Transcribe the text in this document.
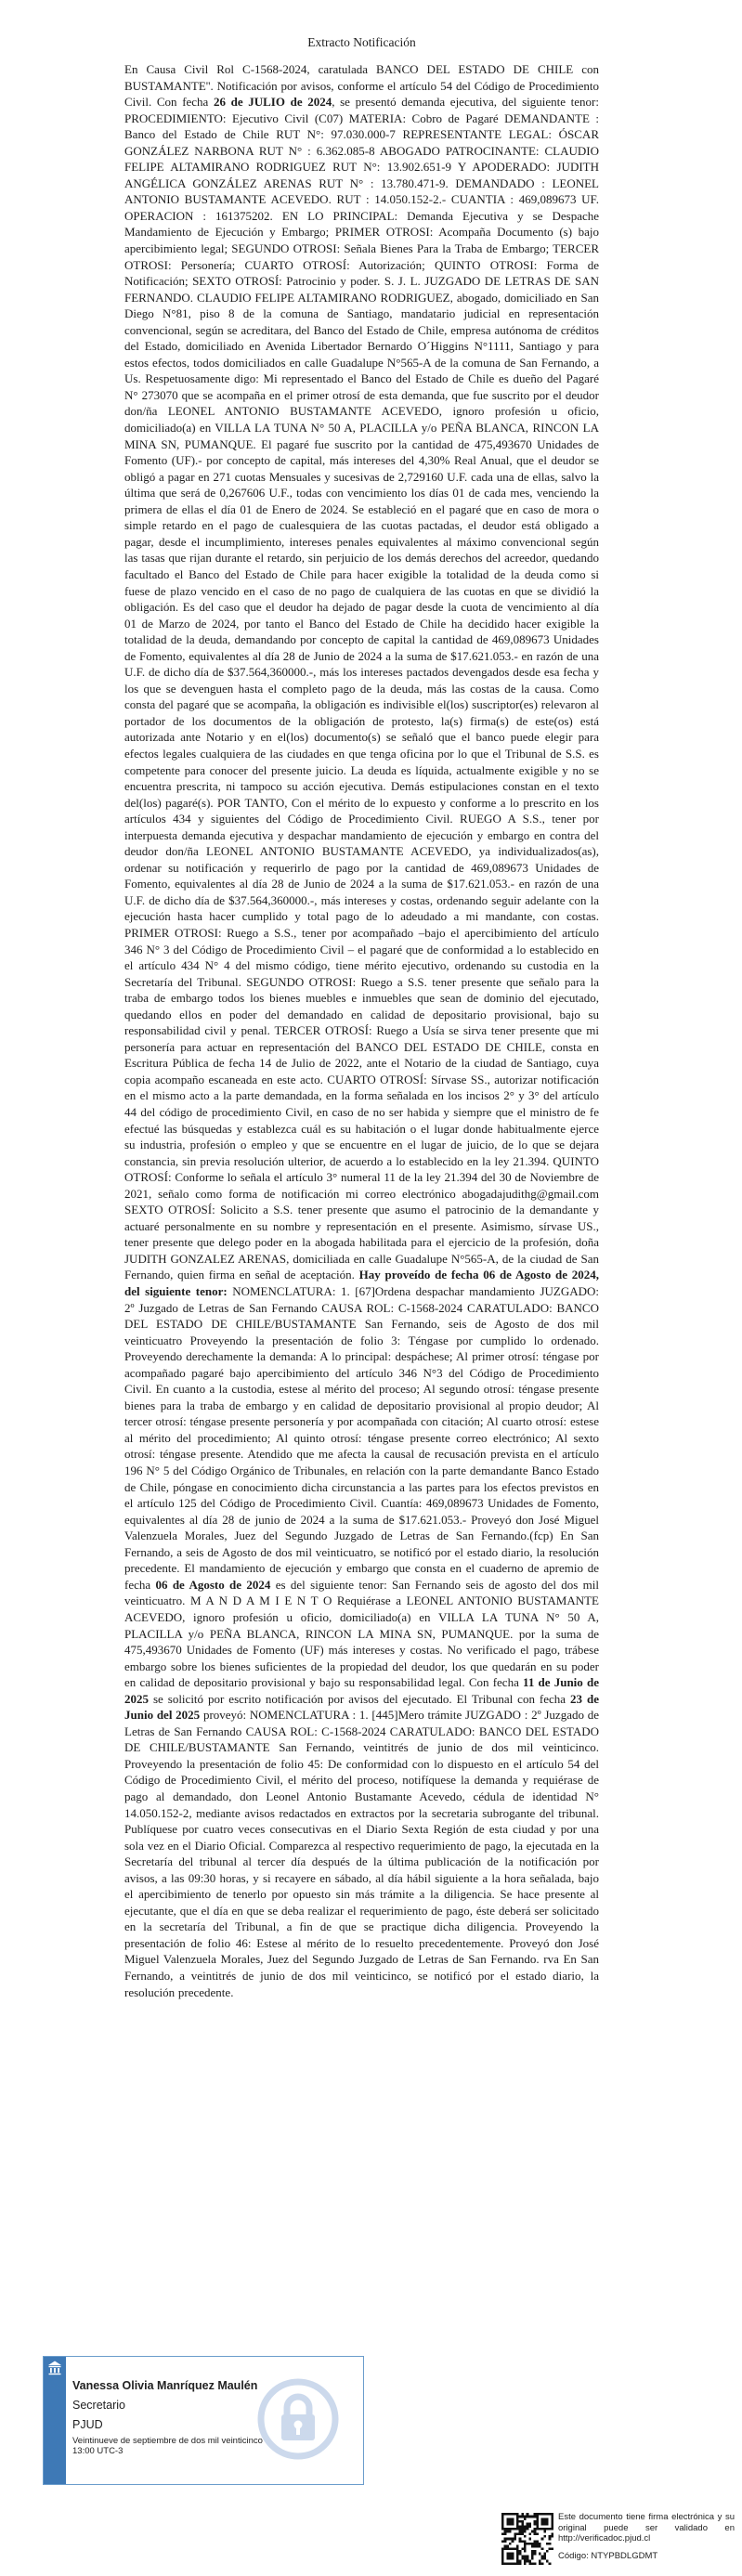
Extracto Notificación
En Causa Civil Rol C-1568-2024, caratulada BANCO DEL ESTADO DE CHILE con BUSTAMANTE''. Notificación por avisos, conforme el artículo 54 del Código de Procedimiento Civil. Con fecha 26 de JULIO de 2024, se presentó demanda ejecutiva, del siguiente tenor: PROCEDIMIENTO: Ejecutivo Civil (C07) MATERIA: Cobro de Pagaré DEMANDANTE : Banco del Estado de Chile RUT N°: 97.030.000-7 REPRESENTANTE LEGAL: ÓSCAR GONZÁLEZ NARBONA RUT N° : 6.362.085-8 ABOGADO PATROCINANTE: CLAUDIO FELIPE ALTAMIRANO RODRIGUEZ RUT N°: 13.902.651-9 Y APODERADO: JUDITH ANGÉLICA GONZÁLEZ ARENAS RUT N° : 13.780.471-9. DEMANDADO : LEONEL ANTONIO BUSTAMANTE ACEVEDO. RUT : 14.050.152-2.- CUANTIA : 469,089673 UF. OPERACION : 161375202. EN LO PRINCIPAL: Demanda Ejecutiva y se Despache Mandamiento de Ejecución y Embargo; PRIMER OTROSI: Acompaña Documento (s) bajo apercibimiento legal; SEGUNDO OTROSI: Señala Bienes Para la Traba de Embargo; TERCER OTROSI: Personería; CUARTO OTROSÍ: Autorización; QUINTO OTROSI: Forma de Notificación; SEXTO OTROSÍ: Patrocinio y poder. S. J. L. JUZGADO DE LETRAS DE SAN FERNANDO. CLAUDIO FELIPE ALTAMIRANO RODRIGUEZ, abogado, domiciliado en San Diego N°81, piso 8 de la comuna de Santiago, mandatario judicial en representación convencional, según se acreditara, del Banco del Estado de Chile, empresa autónoma de créditos del Estado, domiciliado en Avenida Libertador Bernardo O´Higgins N°1111, Santiago y para estos efectos, todos domiciliados en calle Guadalupe N°565-A de la comuna de San Fernando, a Us. Respetuosamente digo: Mi representado el Banco del Estado de Chile es dueño del Pagaré N° 273070 que se acompaña en el primer otrosí de esta demanda, que fue suscrito por el deudor don/ña LEONEL ANTONIO BUSTAMANTE ACEVEDO, ignoro profesión u oficio, domiciliado(a) en VILLA LA TUNA N° 50 A, PLACILLA y/o PEÑA BLANCA, RINCON LA MINA SN, PUMANQUE. El pagaré fue suscrito por la cantidad de 475,493670 Unidades de Fomento (UF).- por concepto de capital, más intereses del 4,30% Real Anual, que el deudor se obligó a pagar en 271 cuotas Mensuales y sucesivas de 2,729160 U.F. cada una de ellas, salvo la última que será de 0,267606 U.F., todas con vencimiento los días 01 de cada mes, venciendo la primera de ellas el día 01 de Enero de 2024. Se estableció en el pagaré que en caso de mora o simple retardo en el pago de cualesquiera de las cuotas pactadas, el deudor está obligado a pagar, desde el incumplimiento, intereses penales equivalentes al máximo convencional según las tasas que rijan durante el retardo, sin perjuicio de los demás derechos del acreedor, quedando facultado el Banco del Estado de Chile para hacer exigible la totalidad de la deuda como si fuese de plazo vencido en el caso de no pago de cualquiera de las cuotas en que se dividió la obligación. Es del caso que el deudor ha dejado de pagar desde la cuota de vencimiento al día 01 de Marzo de 2024, por tanto el Banco del Estado de Chile ha decidido hacer exigible la totalidad de la deuda, demandando por concepto de capital la cantidad de 469,089673 Unidades de Fomento, equivalentes al día 28 de Junio de 2024 a la suma de $17.621.053.- en razón de una U.F. de dicho día de $37.564,360000.-, más los intereses pactados devengados desde esa fecha y los que se devenguen hasta el completo pago de la deuda, más las costas de la causa. Como consta del pagaré que se acompaña, la obligación es indivisible el(los) suscriptor(es) relevaron al portador de los documentos de la obligación de protesto, la(s) firma(s) de este(os) está autorizada ante Notario y en el(los) documento(s) se señaló que el banco puede elegir para efectos legales cualquiera de las ciudades en que tenga oficina por lo que el Tribunal de S.S. es competente para conocer del presente juicio. La deuda es líquida, actualmente exigible y no se encuentra prescrita, ni tampoco su acción ejecutiva. Demás estipulaciones constan en el texto del(los) pagaré(s). POR TANTO, Con el mérito de lo expuesto y conforme a lo prescrito en los artículos 434 y siguientes del Código de Procedimiento Civil. RUEGO A S.S., tener por interpuesta demanda ejecutiva y despachar mandamiento de ejecución y embargo en contra del deudor don/ña LEONEL ANTONIO BUSTAMANTE ACEVEDO, ya individualizados(as), ordenar su notificación y requerirlo de pago por la cantidad de 469,089673 Unidades de Fomento, equivalentes al día 28 de Junio de 2024 a la suma de $17.621.053.- en razón de una U.F. de dicho día de $37.564,360000.-, más intereses y costas, ordenando seguir adelante con la ejecución hasta hacer cumplido y total pago de lo adeudado a mi mandante, con costas. PRIMER OTROSI: Ruego a S.S., tener por acompañado –bajo el apercibimiento del artículo 346 N° 3 del Código de Procedimiento Civil – el pagaré que de conformidad a lo establecido en el artículo 434 N° 4 del mismo código, tiene mérito ejecutivo, ordenando su custodia en la Secretaría del Tribunal. SEGUNDO OTROSI: Ruego a S.S. tener presente que señalo para la traba de embargo todos los bienes muebles e inmuebles que sean de dominio del ejecutado, quedando ellos en poder del demandado en calidad de depositario provisional, bajo su responsabilidad civil y penal. TERCER OTROSÍ: Ruego a Usía se sirva tener presente que mi personería para actuar en representación del BANCO DEL ESTADO DE CHILE, consta en Escritura Pública de fecha 14 de Julio de 2022, ante el Notario de la ciudad de Santiago, cuya copia acompaño escaneada en este acto. CUARTO OTROSÍ: Sírvase SS., autorizar notificación en el mismo acto a la parte demandada, en la forma señalada en los incisos 2° y 3° del artículo 44 del código de procedimiento Civil, en caso de no ser habida y siempre que el ministro de fe efectué las búsquedas y establezca cuál es su habitación o el lugar donde habitualmente ejerce su industria, profesión o empleo y que se encuentre en el lugar de juicio, de lo que se dejara constancia, sin previa resolución ulterior, de acuerdo a lo establecido en la ley 21.394. QUINTO OTROSÍ: Conforme lo señala el artículo 3° numeral 11 de la ley 21.394 del 30 de Noviembre de 2021, señalo como forma de notificación mi correo electrónico abogadajudithg@gmail.com SEXTO OTROSÍ: Solicito a S.S. tener presente que asumo el patrocinio de la demandante y actuaré personalmente en su nombre y representación en el presente. Asimismo, sírvase US., tener presente que delego poder en la abogada habilitada para el ejercicio de la profesión, doña JUDITH GONZALEZ ARENAS, domiciliada en calle Guadalupe N°565-A, de la ciudad de San Fernando, quien firma en señal de aceptación. Hay proveído de fecha 06 de Agosto de 2024, del siguiente tenor: NOMENCLATURA: 1. [67]Ordena despachar mandamiento JUZGADO: 2º Juzgado de Letras de San Fernando CAUSA ROL: C-1568-2024 CARATULADO: BANCO DEL ESTADO DE CHILE/BUSTAMANTE San Fernando, seis de Agosto de dos mil veinticuatro Proveyendo la presentación de folio 3: Téngase por cumplido lo ordenado. Proveyendo derechamente la demanda: A lo principal: despáchese; Al primer otrosí: téngase por acompañado pagaré bajo apercibimiento del artículo 346 N°3 del Código de Procedimiento Civil. En cuanto a la custodia, estese al mérito del proceso; Al segundo otrosí: téngase presente bienes para la traba de embargo y en calidad de depositario provisional al propio deudor; Al tercer otrosí: téngase presente personería y por acompañada con citación; Al cuarto otrosí: estese al mérito del procedimiento; Al quinto otrosí: téngase presente correo electrónico; Al sexto otrosí: téngase presente. Atendido que me afecta la causal de recusación prevista en el artículo 196 N° 5 del Código Orgánico de Tribunales, en relación con la parte demandante Banco Estado de Chile, póngase en conocimiento dicha circunstancia a las partes para los efectos previstos en el artículo 125 del Código de Procedimiento Civil. Cuantía: 469,089673 Unidades de Fomento, equivalentes al día 28 de junio de 2024 a la suma de $17.621.053.- Proveyó don José Miguel Valenzuela Morales, Juez del Segundo Juzgado de Letras de San Fernando.(fcp) En San Fernando, a seis de Agosto de dos mil veinticuatro, se notificó por el estado diario, la resolución precedente. El mandamiento de ejecución y embargo que consta en el cuaderno de apremio de fecha 06 de Agosto de 2024 es del siguiente tenor: San Fernando seis de agosto del dos mil veinticuatro. M A N D A M I E N T O Requiérase a LEONEL ANTONIO BUSTAMANTE ACEVEDO, ignoro profesión u oficio, domiciliado(a) en VILLA LA TUNA N° 50 A, PLACILLA y/o PEÑA BLANCA, RINCON LA MINA SN, PUMANQUE. por la suma de 475,493670 Unidades de Fomento (UF) más intereses y costas. No verificado el pago, trábese embargo sobre los bienes suficientes de la propiedad del deudor, los que quedarán en su poder en calidad de depositario provisional y bajo su responsabilidad legal. Con fecha 11 de Junio de 2025 se solicitó por escrito notificación por avisos del ejecutado. El Tribunal con fecha 23 de Junio del 2025 proveyó: NOMENCLATURA : 1. [445]Mero trámite JUZGADO : 2º Juzgado de Letras de San Fernando CAUSA ROL: C-1568-2024 CARATULADO: BANCO DEL ESTADO DE CHILE/BUSTAMANTE San Fernando, veintitrés de junio de dos mil veinticinco. Proveyendo la presentación de folio 45: De conformidad con lo dispuesto en el artículo 54 del Código de Procedimiento Civil, el mérito del proceso, notifíquese la demanda y requiérase de pago al demandado, don Leonel Antonio Bustamante Acevedo, cédula de identidad N° 14.050.152-2, mediante avisos redactados en extractos por la secretaria subrogante del tribunal. Publíquese por cuatro veces consecutivas en el Diario Sexta Región de esta ciudad y por una sola vez en el Diario Oficial. Comparezca al respectivo requerimiento de pago, la ejecutada en la Secretaría del tribunal al tercer día después de la última publicación de la notificación por avisos, a las 09:30 horas, y si recayere en sábado, al día hábil siguiente a la hora señalada, bajo el apercibimiento de tenerlo por opuesto sin más trámite a la diligencia. Se hace presente al ejecutante, que el día en que se deba realizar el requerimiento de pago, éste deberá ser solicitado en la secretaría del Tribunal, a fin de que se practique dicha diligencia. Proveyendo la presentación de folio 46: Estese al mérito de lo resuelto precedentemente. Proveyó don José Miguel Valenzuela Morales, Juez del Segundo Juzgado de Letras de San Fernando. rva En San Fernando, a veintitrés de junio de dos mil veinticinco, se notificó por el estado diario, la resolución precedente.
Vanessa Olivia Manríquez Maulén
Secretario
PJUD
Veintinueve de septiembre de dos mil veinticinco
13:00 UTC-3
Este documento tiene firma electrónica y su original puede ser validado en http://verificadoc.pjud.cl
Código: NTYPBDLGDMT
